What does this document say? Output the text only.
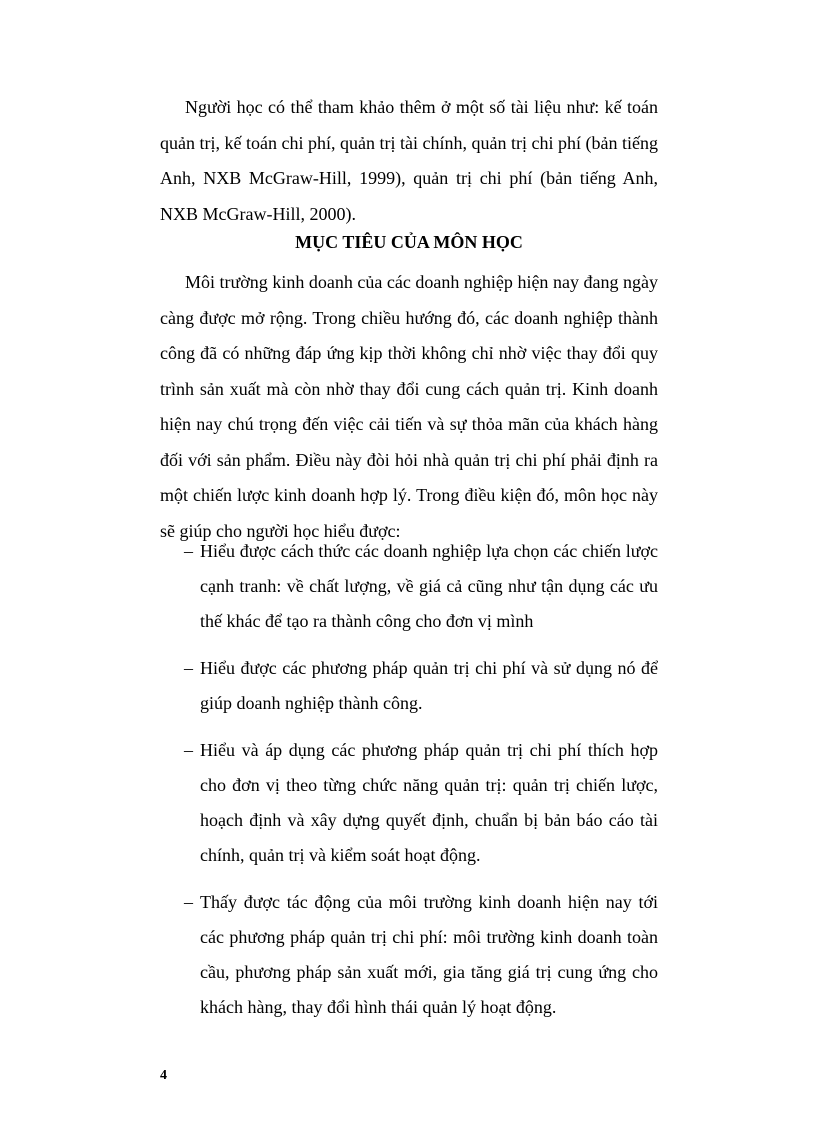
Người học có thể tham khảo thêm ở một số tài liệu như: kế toán quản trị, kế toán chi phí, quản trị tài chính, quản trị chi phí (bản tiếng Anh, NXB McGraw-Hill, 1999), quản trị chi phí (bản tiếng Anh, NXB McGraw-Hill, 2000).

MỤC TIÊU CỦA MÔN HỌC

Môi trường kinh doanh của các doanh nghiệp hiện nay đang ngày càng được mở rộng. Trong chiều hướng đó, các doanh nghiệp thành công đã có những đáp ứng kịp thời không chỉ nhờ việc thay đổi quy trình sản xuất mà còn nhờ thay đổi cung cách quản trị. Kinh doanh hiện nay chú trọng đến việc cải tiến và sự thỏa mãn của khách hàng đối với sản phẩm. Điều này đòi hỏi nhà quản trị chi phí phải định ra một chiến lược kinh doanh hợp lý. Trong điều kiện đó, môn học này sẽ giúp cho người học hiểu được:

– Hiểu được cách thức các doanh nghiệp lựa chọn các chiến lược cạnh tranh: về chất lượng, về giá cả cũng như tận dụng các ưu thế khác để tạo ra thành công cho đơn vị mình
– Hiểu được các phương pháp quản trị chi phí và sử dụng nó để giúp doanh nghiệp thành công.
– Hiểu và áp dụng các phương pháp quản trị chi phí thích hợp cho đơn vị theo từng chức năng quản trị: quản trị chiến lược, hoạch định và xây dựng quyết định, chuẩn bị bản báo cáo tài chính, quản trị và kiểm soát hoạt động.
– Thấy được tác động của môi trường kinh doanh hiện nay tới các phương pháp quản trị chi phí: môi trường kinh doanh toàn cầu, phương pháp sản xuất mới, gia tăng giá trị cung ứng cho khách hàng, thay đổi hình thái quản lý hoạt động.
4
